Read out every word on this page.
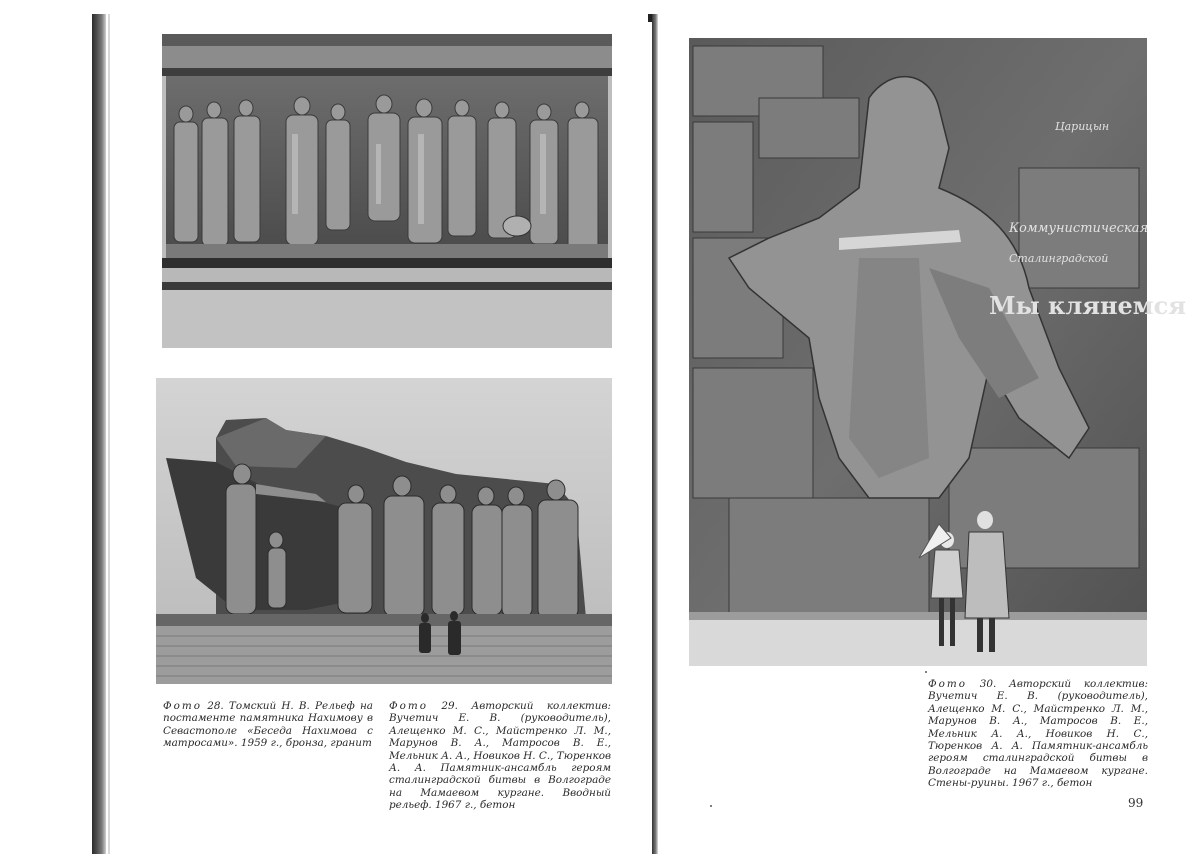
Царицын
Коммунистическая
Сталинградской
Мы клянемся
Фото 28. Томский Н. В. Рельеф на постаменте памятника Нахимову в Севастополе «Беседа Нахимова с матросами». 1959 г., бронза, гранит
Фото 29. Авторский коллектив: Вучетич Е. В. (руководитель), Алещенко М. С., Майстренко Л. М., Марунов В. А., Матросов В. Е., Мельник А. А., Новиков Н. С., Тюренков А. А. Памятник-ансамбль героям сталинградской битвы в Волгограде на Мамаевом кургане. Вводный рельеф. 1967 г., бетон
Фото 30. Авторский коллектив: Вучетич Е. В. (руководитель), Алещенко М. С., Майстренко Л. М., Марунов В. А., Матросов В. Е., Мельник А. А., Новиков Н. С., Тюренков А. А. Памятник-ансамбль героям сталинградской битвы в Волгограде на Мамаевом кургане. Стены-руины. 1967 г., бетон
99
